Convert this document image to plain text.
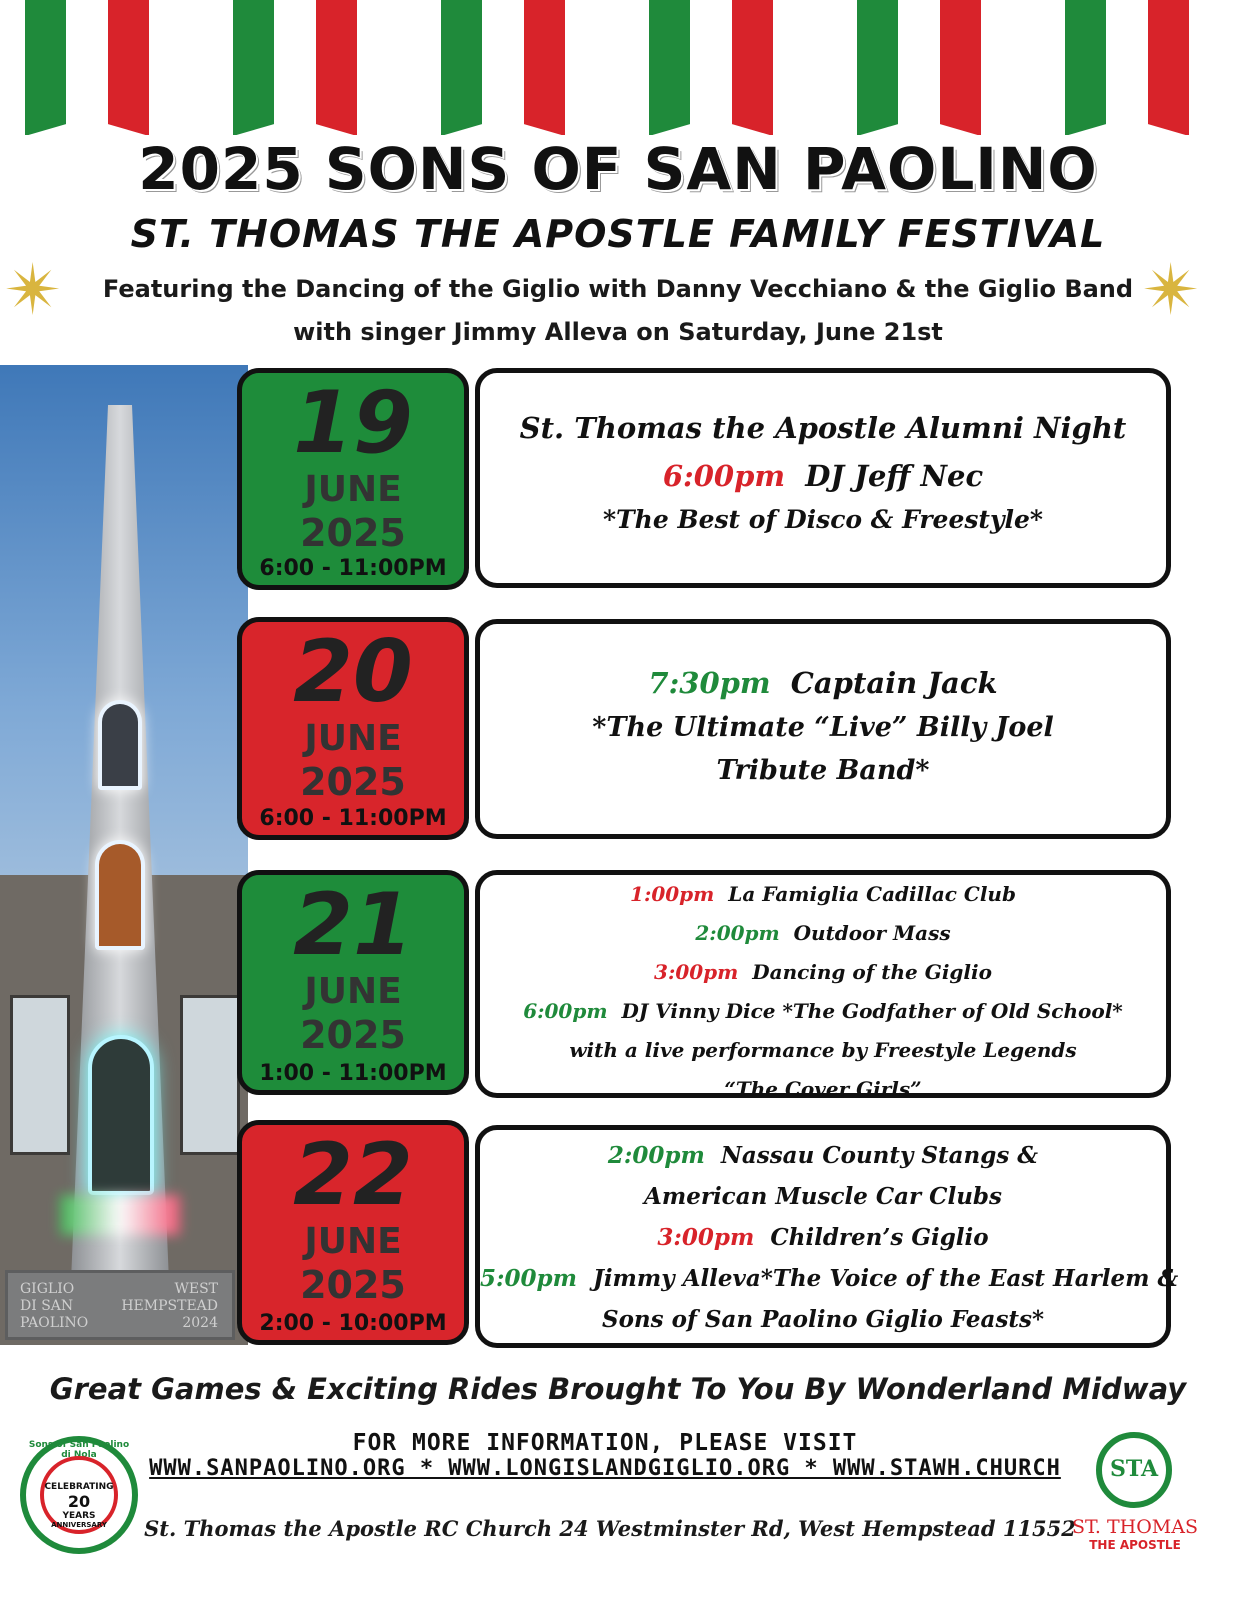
2025 SONS OF SAN PAOLINO
ST. THOMAS THE APOSTLE FAMILY FESTIVAL
✴	✴
Featuring the Dancing of the Giglio with Danny Vecchiano & the Giglio Band
with singer Jimmy Alleva on Saturday, June 21st
GIGLIO
DI SAN
PAOLINO
WEST
HEMPSTEAD
2024
19
JUNE
2025
6:00 - 11:00PM

St. Thomas the Apostle Alumni Night

6:00pm DJ Jeff Nec

*The Best of Disco & Freestyle*

20
JUNE
2025
6:00 - 11:00PM

7:30pm Captain Jack

*The Ultimate “Live” Billy Joel

Tribute Band*

21
JUNE
2025
1:00 - 11:00PM

1:00pm La Famiglia Cadillac Club

2:00pm Outdoor Mass

3:00pm Dancing of the Giglio

6:00pm DJ Vinny Dice *The Godfather of Old School*

with a live performance by Freestyle Legends

“The Cover Girls”

22
JUNE
2025
2:00 - 10:00PM

2:00pm Nassau County Stangs &

American Muscle Car Clubs

3:00pm Children’s Giglio

5:00pm Jimmy Alleva*The Voice of the East Harlem &

Sons of San Paolino Giglio Feasts*

Great Games & Exciting Rides Brought To You By Wonderland Midway
FOR MORE INFORMATION, PLEASE VISIT
WWW.SANPAOLINO.ORG * WWW.LONGISLANDGIGLIO.ORG * WWW.STAWH.CHURCH
St. Thomas the Apostle RC Church 24 Westminster Rd, West Hempstead 11552
Sons of San Paolino di Nola
CELEBRATING
20
YEARS
ANNIVERSARY
STA
ST. THOMAS
THE APOSTLE
